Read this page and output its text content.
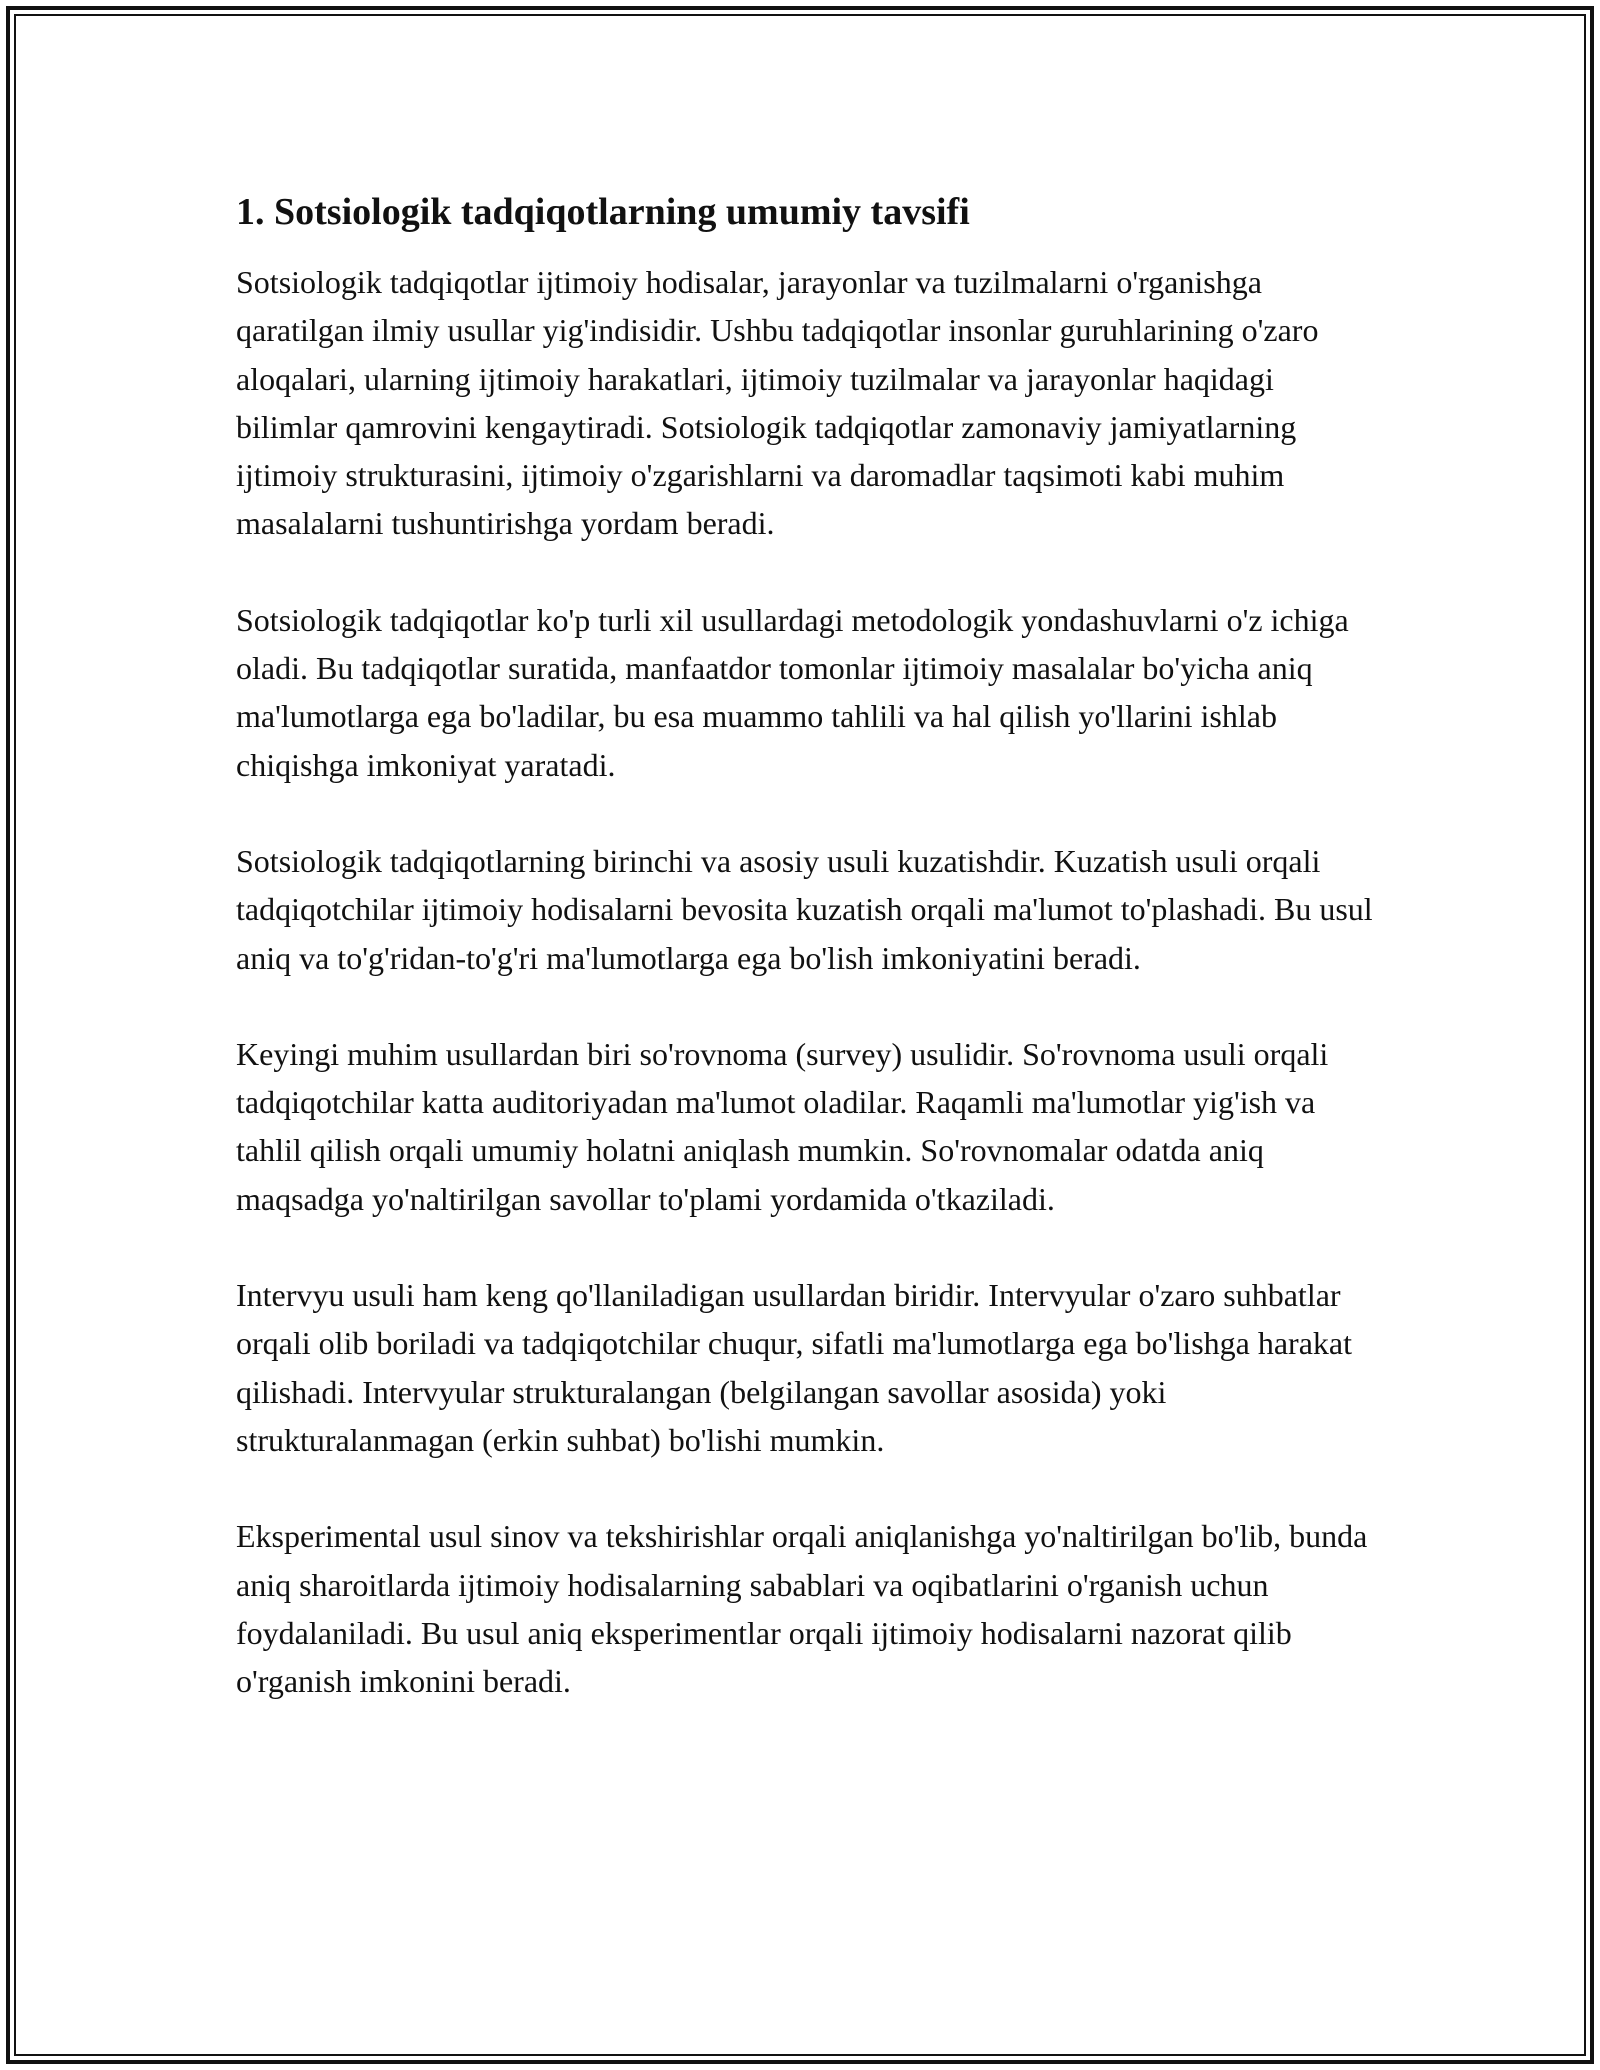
1. Sotsiologik tadqiqotlarning umumiy tavsifi

Sotsiologik tadqiqotlar ijtimoiy hodisalar, jarayonlar va tuzilmalarni o'rganishga qaratilgan ilmiy usullar yig'indisidir. Ushbu tadqiqotlar insonlar guruhlarining o'zaro aloqalari, ularning ijtimoiy harakatlari, ijtimoiy tuzilmalar va jarayonlar haqidagi bilimlar qamrovini kengaytiradi. Sotsiologik tadqiqotlar zamonaviy jamiyatlarning ijtimoiy strukturasini, ijtimoiy o'zgarishlarni va daromadlar taqsimoti kabi muhim masalalarni tushuntirishga yordam beradi.

Sotsiologik tadqiqotlar ko'p turli xil usullardagi metodologik yondashuvlarni o'z ichiga oladi. Bu tadqiqotlar suratida, manfaatdor tomonlar ijtimoiy masalalar bo'yicha aniq ma'lumotlarga ega bo'ladilar, bu esa muammo tahlili va hal qilish yo'llarini ishlab chiqishga imkoniyat yaratadi.

Sotsiologik tadqiqotlarning birinchi va asosiy usuli kuzatishdir. Kuzatish usuli orqali tadqiqotchilar ijtimoiy hodisalarni bevosita kuzatish orqali ma'lumot to'plashadi. Bu usul aniq va to'g'ridan-to'g'ri ma'lumotlarga ega bo'lish imkoniyatini beradi.

Keyingi muhim usullardan biri so'rovnoma (survey) usulidir. So'rovnoma usuli orqali tadqiqotchilar katta auditoriyadan ma'lumot oladilar. Raqamli ma'lumotlar yig'ish va tahlil qilish orqali umumiy holatni aniqlash mumkin. So'rovnomalar odatda aniq maqsadga yo'naltirilgan savollar to'plami yordamida o'tkaziladi.

Intervyu usuli ham keng qo'llaniladigan usullardan biridir. Intervyular o'zaro suhbatlar orqali olib boriladi va tadqiqotchilar chuqur, sifatli ma'lumotlarga ega bo'lishga harakat qilishadi. Intervyular strukturalangan (belgilangan savollar asosida) yoki strukturalanmagan (erkin suhbat) bo'lishi mumkin.

Eksperimental usul sinov va tekshirishlar orqali aniqlanishga yo'naltirilgan bo'lib, bunda aniq sharoitlarda ijtimoiy hodisalarning sabablari va oqibatlarini o'rganish uchun foydalaniladi. Bu usul aniq eksperimentlar orqali ijtimoiy hodisalarni nazorat qilib o'rganish imkonini beradi.
